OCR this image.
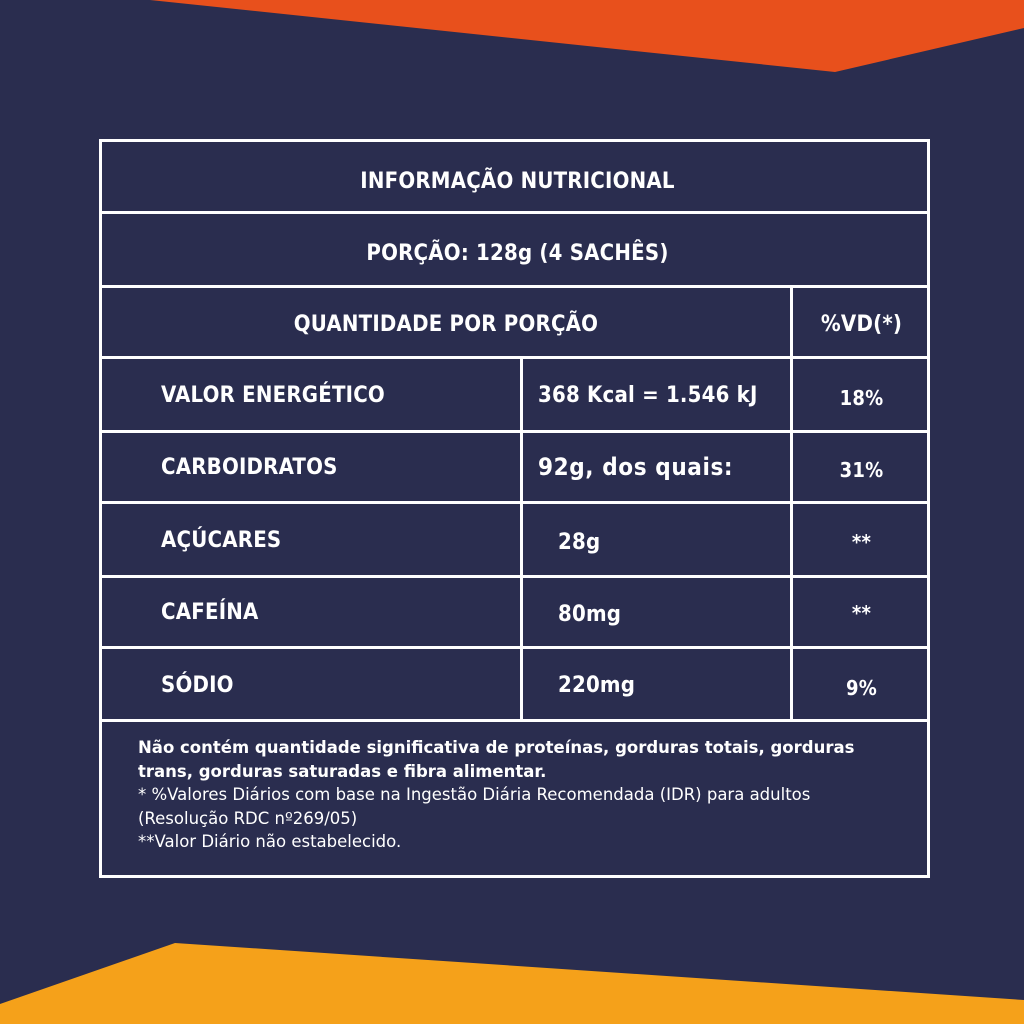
INFORMAÇÃO NUTRICIONAL
PORÇÃO: 128g (4 SACHÊS)
QUANTIDADE POR PORÇÃO	%VD(*)
VALOR ENERGÉTICO	368 Kcal = 1.546 kJ	18%
CARBOIDRATOS	92g, dos quais:	31%
AÇÚCARES	28g	**
CAFEÍNA	80mg	**
SÓDIO	220mg	9%
Não contém quantidade significativa de proteínas, gorduras totais, gorduras trans, gorduras saturadas e fibra alimentar.
* %Valores Diários com base na Ingestão Diária Recomendada (IDR) para adultos (Resolução RDC nº269/05)
**Valor Diário não estabelecido.
